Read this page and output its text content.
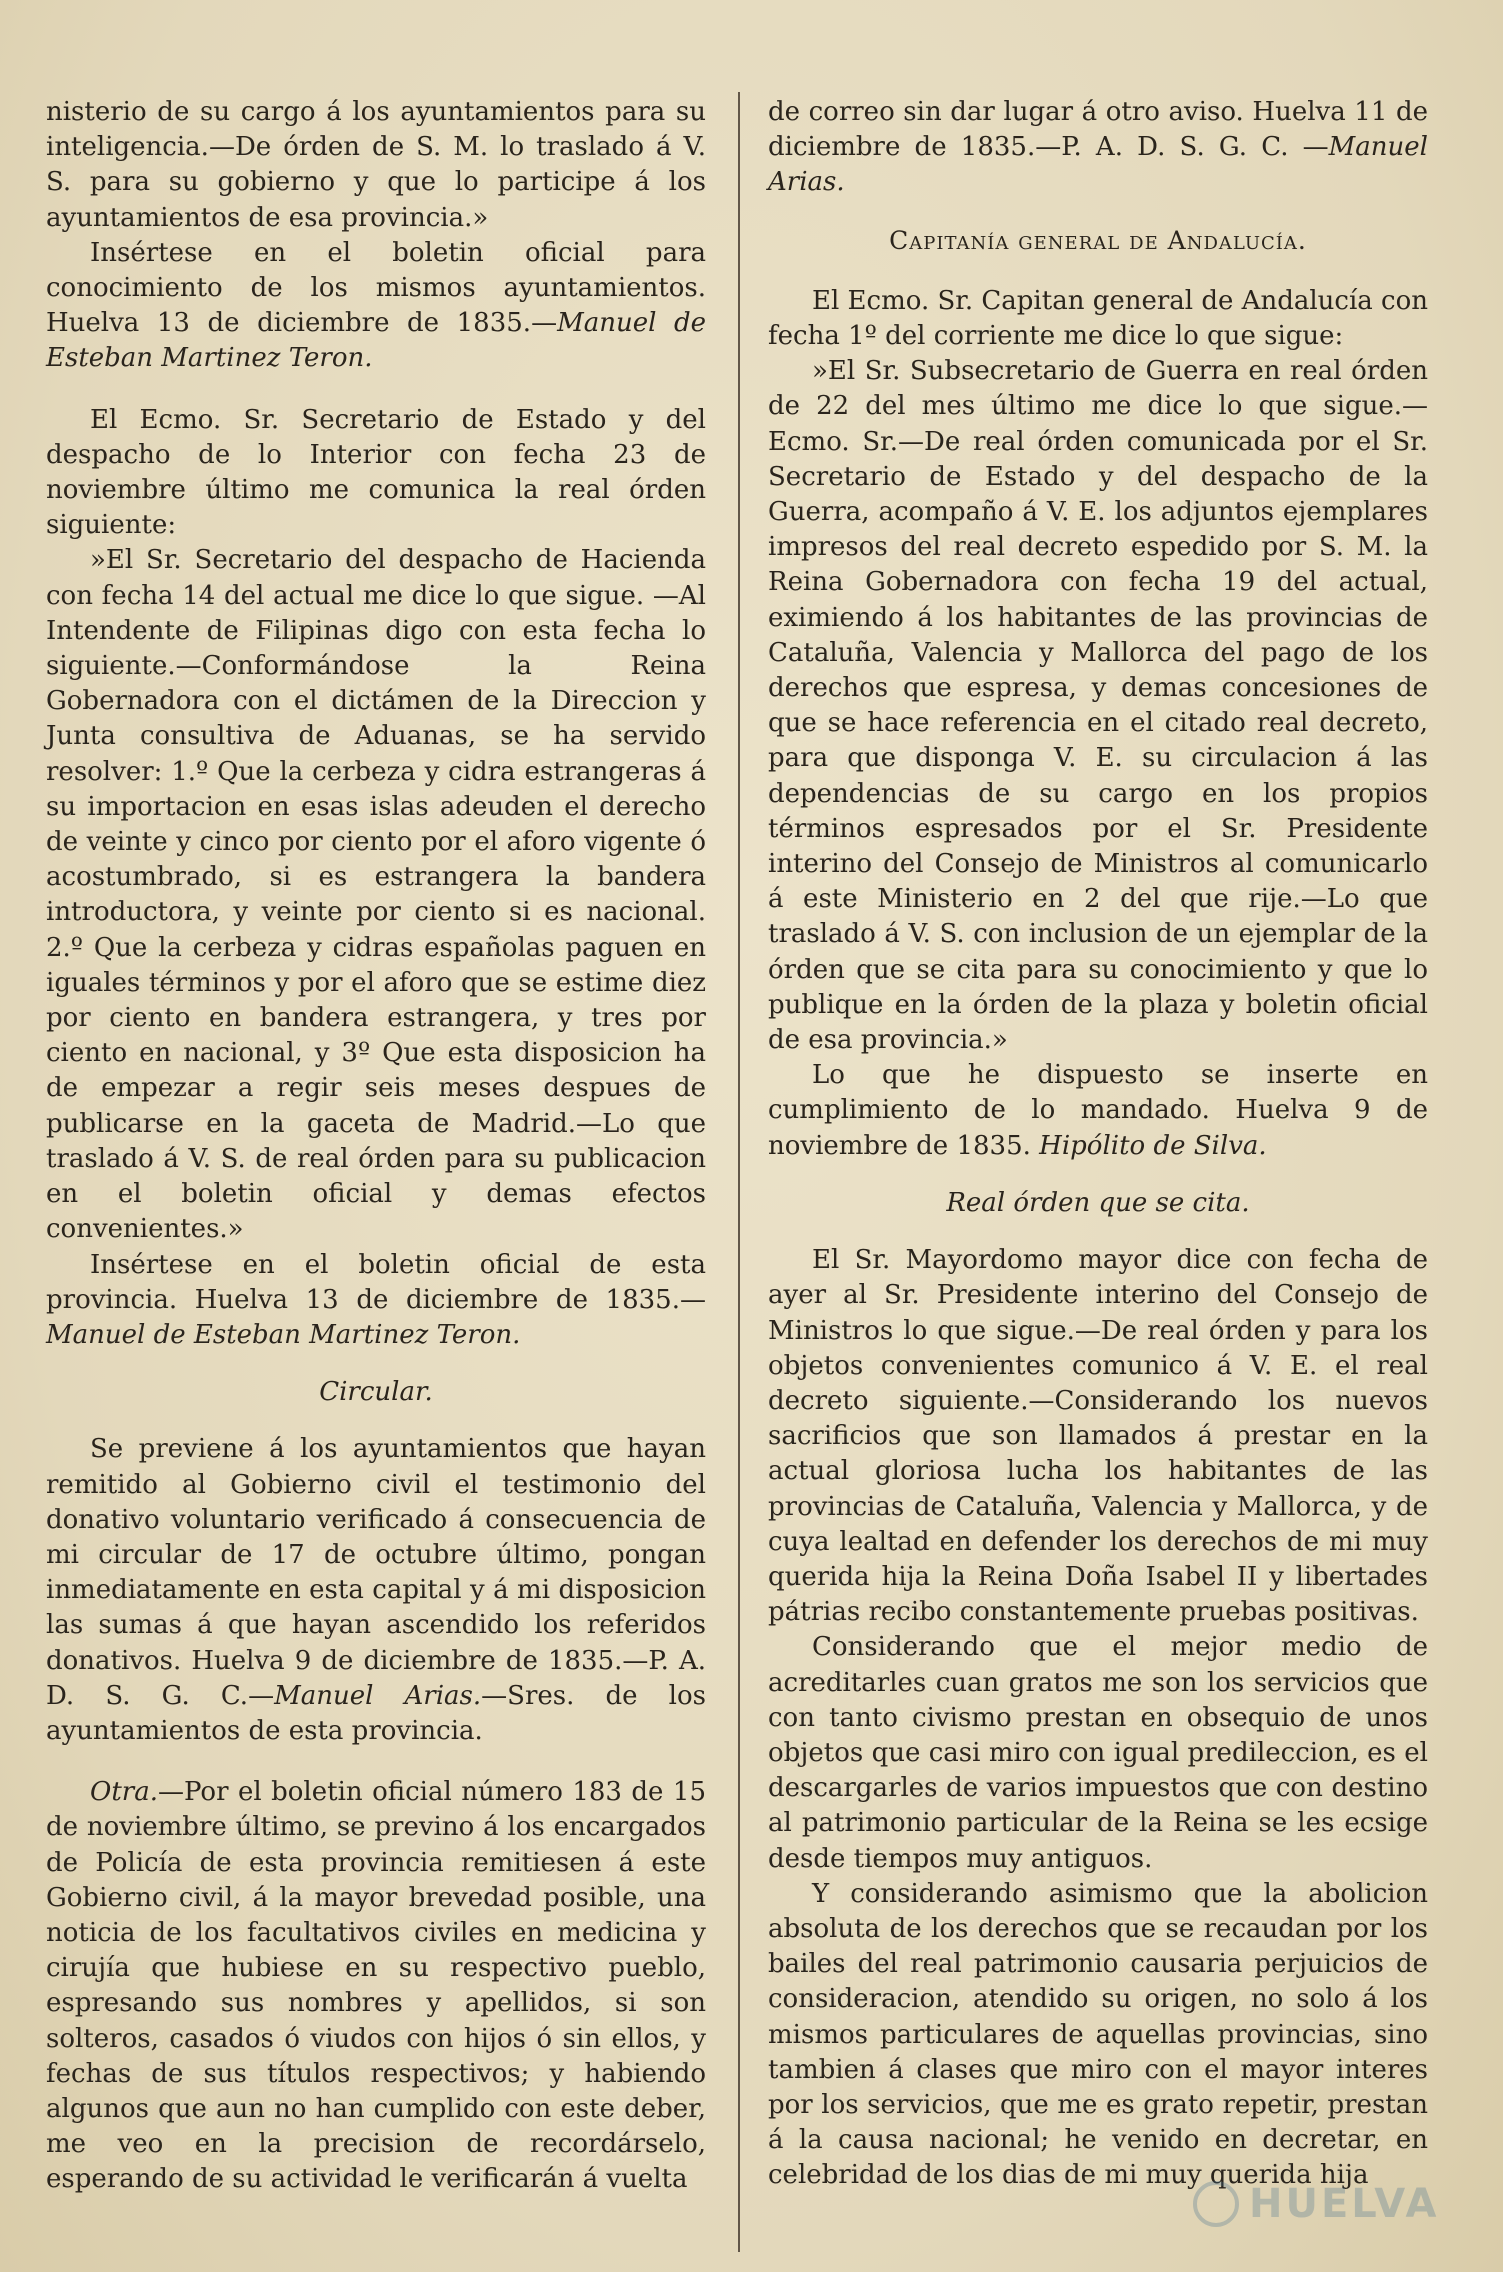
nisterio de su cargo á los ayuntamientos para su inteligencia.—De órden de S. M. lo traslado á V. S. para su gobierno y que lo participe á los ayuntamientos de esa provincia.»

Insértese en el boletin oficial para conocimiento de los mismos ayuntamientos. Huelva 13 de diciembre de 1835.—Manuel de Esteban Martinez Teron.

El Ecmo. Sr. Secretario de Estado y del despacho de lo Interior con fecha 23 de noviembre último me comunica la real órden siguiente:

»El Sr. Secretario del despacho de Hacienda con fecha 14 del actual me dice lo que sigue. —Al Intendente de Filipinas digo con esta fecha lo siguiente.—Conformándose la Reina Gobernadora con el dictámen de la Direccion y Junta consultiva de Aduanas, se ha servido resolver: 1.º Que la cerbeza y cidra estrangeras á su importacion en esas islas adeuden el derecho de veinte y cinco por ciento por el aforo vigente ó acostumbrado, si es estrangera la bandera introductora, y veinte por ciento si es nacional. 2.º Que la cerbeza y cidras españolas paguen en iguales términos y por el aforo que se estime diez por ciento en bandera estrangera, y tres por ciento en nacional, y 3º Que esta disposicion ha de empezar a regir seis meses despues de publicarse en la gaceta de Madrid.—Lo que traslado á V. S. de real órden para su publicacion en el boletin oficial y demas efectos convenientes.»

Insértese en el boletin oficial de esta provincia. Huelva 13 de diciembre de 1835.—Manuel de Esteban Martinez Teron.

Circular.

Se previene á los ayuntamientos que hayan remitido al Gobierno civil el testimonio del donativo voluntario verificado á consecuencia de mi circular de 17 de octubre último, pongan inmediatamente en esta capital y á mi disposicion las sumas á que hayan ascendido los referidos donativos. Huelva 9 de diciembre de 1835.—P. A. D. S. G. C.—Manuel Arias.—Sres. de los ayuntamientos de esta provincia.

Otra.—Por el boletin oficial número 183 de 15 de noviembre último, se previno á los encargados de Policía de esta provincia remitiesen á este Gobierno civil, á la mayor brevedad posible, una noticia de los facultativos civiles en medicina y cirujía que hubiese en su respectivo pueblo, espresando sus nombres y apellidos, si son solteros, casados ó viudos con hijos ó sin ellos, y fechas de sus títulos respectivos; y habiendo algunos que aun no han cumplido con este deber, me veo en la precision de recordárselo, esperando de su actividad le verificarán á vuelta

de correo sin dar lugar á otro aviso. Huelva 11 de diciembre de 1835.—P. A. D. S. G. C. —Manuel Arias.

Capitanía general de Andalucía.

El Ecmo. Sr. Capitan general de Andalucía con fecha 1º del corriente me dice lo que sigue:

»El Sr. Subsecretario de Guerra en real órden de 22 del mes último me dice lo que sigue.— Ecmo. Sr.—De real órden comunicada por el Sr. Secretario de Estado y del despacho de la Guerra, acompaño á V. E. los adjuntos ejemplares impresos del real decreto espedido por S. M. la Reina Gobernadora con fecha 19 del actual, eximiendo á los habitantes de las provincias de Cataluña, Valencia y Mallorca del pago de los derechos que espresa, y demas concesiones de que se hace referencia en el citado real decreto, para que disponga V. E. su circulacion á las dependencias de su cargo en los propios términos espresados por el Sr. Presidente interino del Consejo de Ministros al comunicarlo á este Ministerio en 2 del que rije.—Lo que traslado á V. S. con inclusion de un ejemplar de la órden que se cita para su conocimiento y que lo publique en la órden de la plaza y boletin oficial de esa provincia.»

Lo que he dispuesto se inserte en cumplimiento de lo mandado. Huelva 9 de noviembre de 1835. Hipólito de Silva.

Real órden que se cita.

El Sr. Mayordomo mayor dice con fecha de ayer al Sr. Presidente interino del Consejo de Ministros lo que sigue.—De real órden y para los objetos convenientes comunico á V. E. el real decreto siguiente.—Considerando los nuevos sacrificios que son llamados á prestar en la actual gloriosa lucha los habitantes de las provincias de Cataluña, Valencia y Mallorca, y de cuya lealtad en defender los derechos de mi muy querida hija la Reina Doña Isabel II y libertades pátrias recibo constantemente pruebas positivas.

Considerando que el mejor medio de acreditarles cuan gratos me son los servicios que con tanto civismo prestan en obsequio de unos objetos que casi miro con igual predileccion, es el descargarles de varios impuestos que con destino al patrimonio particular de la Reina se les ecsige desde tiempos muy antiguos.

Y considerando asimismo que la abolicion absoluta de los derechos que se recaudan por los bailes del real patrimonio causaria perjuicios de consideracion, atendido su origen, no solo á los mismos particulares de aquellas provincias, sino tambien á clases que miro con el mayor interes por los servicios, que me es grato repetir, prestan á la causa nacional; he venido en decretar, en celebridad de los dias de mi muy querida hija

HUELVA
